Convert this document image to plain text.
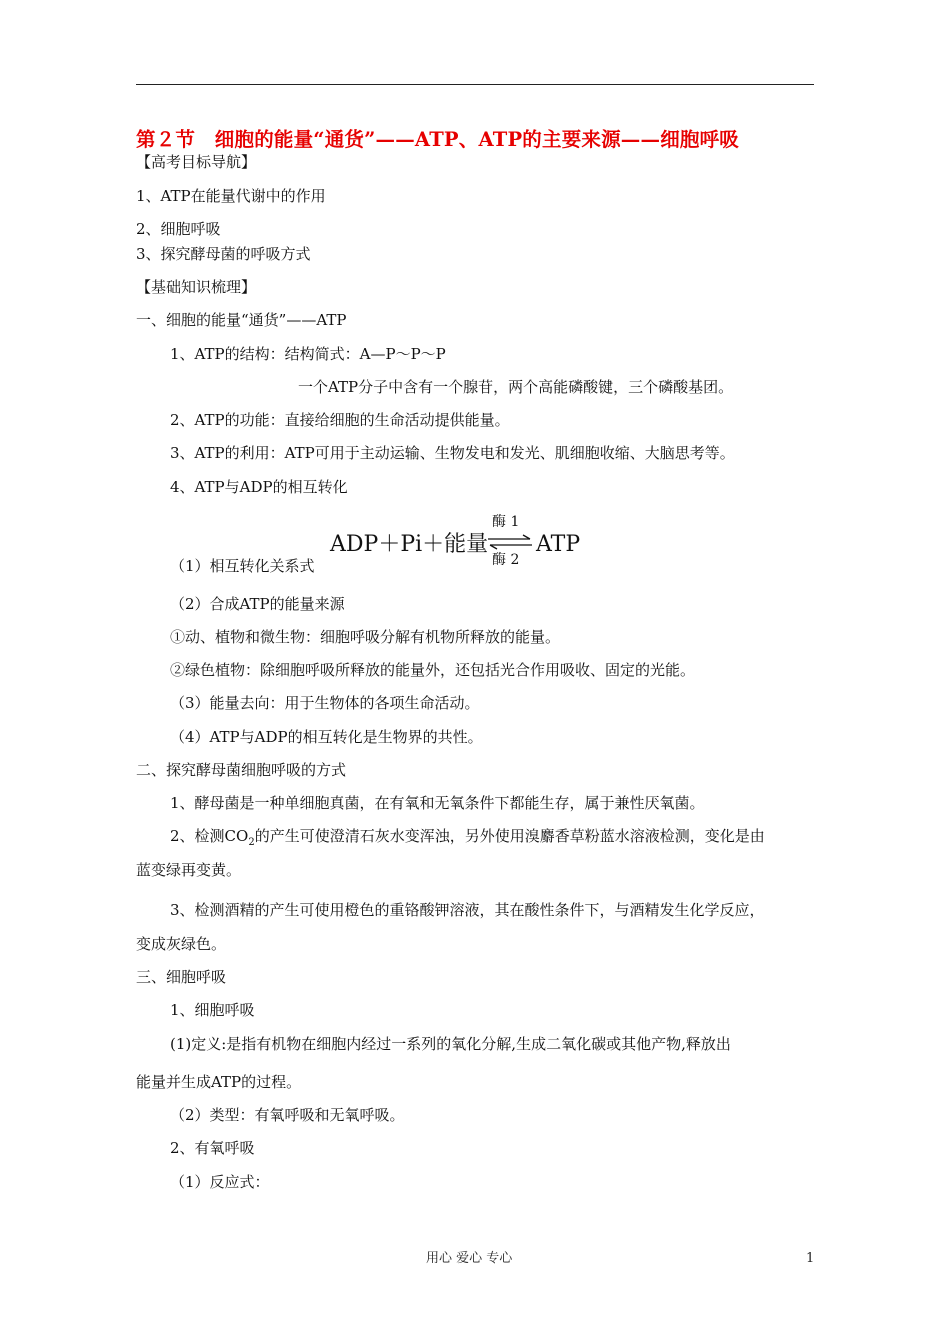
第２节　细胞的能量“通货”——ATP、ATP的主要来源——细胞呼吸
【高考目标导航】
1、ATP在能量代谢中的作用
2、细胞呼吸
3、探究酵母菌的呼吸方式
【基础知识梳理】
一、细胞的能量“通货”——ATP
1、ATP的结构：结构简式：A—P～P～P
一个ATP分子中含有一个腺苷，两个高能磷酸键，三个磷酸基团。
2、ATP的功能：直接给细胞的生命活动提供能量。
3、ATP的利用：ATP可用于主动运输、生物发电和发光、肌细胞收缩、大脑思考等。
4、ATP与ADP的相互转化
ADP＋Pi＋能量
酶 1
酶 2
ATP
（1）相互转化关系式
（2）合成ATP的能量来源
①动、植物和微生物：细胞呼吸分解有机物所释放的能量。
②绿色植物：除细胞呼吸所释放的能量外，还包括光合作用吸收、固定的光能。
（3）能量去向：用于生物体的各项生命活动。
（4）ATP与ADP的相互转化是生物界的共性。
二、探究酵母菌细胞呼吸的方式
1、酵母菌是一种单细胞真菌，在有氧和无氧条件下都能生存，属于兼性厌氧菌。
2、检测$CO_2$的产生可使澄清石灰水变浑浊，另外使用溴麝香草粉蓝水溶液检测，变化是由
蓝变绿再变黄。
3、检测酒精的产生可使用橙色的重铬酸钾溶液，其在酸性条件下，与酒精发生化学反应，
变成灰绿色。
三、细胞呼吸
1、细胞呼吸
(1)定义:是指有机物在细胞内经过一系列的氧化分解,生成二氧化碳或其他产物,释放出
能量并生成ATP的过程。
（2）类型：有氧呼吸和无氧呼吸。
2、有氧呼吸
（1）反应式：
用心 爱心 专心	1
